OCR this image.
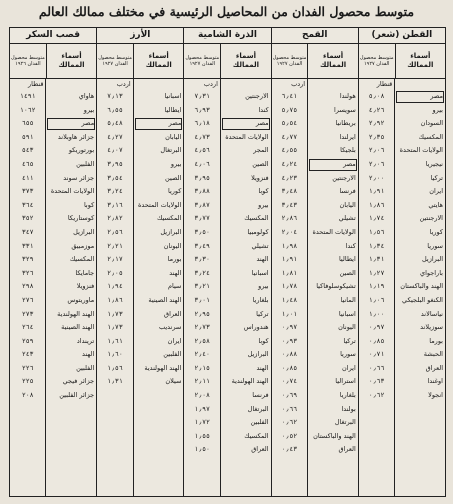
متوسط محصول الفدان من المحاصيل الرئيسية في مختلف ممالك العالم
القطن (شعر)
أسماء الممالك
متوسط محصول الفدان ١٩٢٧
مصر
بيرو
السودان
المكسيك
الولايات المتحدة
نيجيريا
تركيا
ايران
هايتي
الارجنتين
كوريا
سوريا
البرازيل
باراجواي
الهند والباكستان
الكنغو البلجيكي
نياسالاند
سوزيلاند
بورما
الحبشة
العراق
اوغندا
انجولا
قنطار
٥٫٠٨
٤٫٢٦
٢٫٩٢
٢٫٣٥
٢٫٠٦
٢٫٠٦
٢٫٠٠
١٫٩١
١٫٨٦
١٫٧٤
١٫٥٦
١٫٣٤
١٫٣١
١٫٢٧
١٫١٩
١٫٠٦
١٫٠٠
٠٫٩٧
٠٫٨٥
٠٫٧١
٠٫٦٦
٠٫٦٣
٠٫٦٢
القمح
أسماء الممالك
متوسط محصول الفدان ١٩٢٧
هولندا
سويسرا
بريطانيا
ايرلندا
بلجيكا
مصر
الارجنتين
فرنسا
اليابان
تشيلي
الولايات المتحدة
كندا
ايطاليا
الصين
تشيكوسلوفاكيا
المانيا
اسبانيا
اليونان
تركيا
سوريا
ايران
استراليا
بلغاريا
بولندا
البرتغال
الهند والباكستان
العراق
اردب
٦٫٤١
٥٫٧٥
٥٫٥٤
٤٫٧٧
٤٫٥٥
٤٫٢٤
٤٫٢٣
٣٫٤٨
٣٫٤٣
٢٫٨٦
٢٫٠٤
١٫٩٨
١٫٩١
١٫٨١
١٫٧٨
١٫٤٨
١٫٠١
٠٫٩٧
٠٫٩٣
٠٫٨٨
٠٫٨٥
٠٫٧٤
٠٫٦٩
٠٫٦٦
٠٫٦٢
٠٫٥٢
٠٫٤٣
الذرة الشامية
أسماء الممالك
متوسط محصول الفدان ١٩٢٧
الارجنتين
كندا
مصر
الولايات المتحدة
المجر
الصين
فنزويلا
كوبا
بيرو
المكسيك
كولومبيا
تشيلي
الهند
اسبانيا
بيرو
بلغاريا
تركيا
هندوراس
كوبا
البرازيل
الهند
الهند الهولندية
فرنسا
البرتغال
الفلبين
المكسيك
العراق
اردب
٧٫٣١
٦٫٩٣
٦٫١٨
٤٫٧٣
٤٫٥٦
٤٫٠٦
٣٫٩٥
٣٫٨٨
٣٫٨٧
٣٫٧٧
٣٫٥٠
٣٫٤٩
٣٫٣٠
٣٫٢٤
٣٫٢١
٣٫٠١
٢٫٩٥
٢٫٧٣
٢٫٥٨
٢٫٤٠
٢٫١٥
٢٫١١
٢٫٠٨
١٫٩٧
١٫٧٢
١٫٥٥
١٫٥٠
الأرز
أسماء الممالك
متوسط محصول الفدان ١٩٢٧
اسبانيا
ايطاليا
مصر
اليابان
البرتغال
بيرو
الصين
كوريا
الولايات المتحدة
المكسيك
البرازيل
اليونان
بورما
الهند
سيام
الهند الصينية
العراق
سرنديب
ايران
الفلبين
الهند الهولندية
سيلان
اردب
٧٫١٣
٦٫٥٥
٥٫٤٨
٤٫٢٧
٤٫٠٧
٣٫٩٥
٣٫٥٤
٣٫٢٤
٣٫١٦
٢٫٨٢
٢٫٥٦
٢٫٢١
٢٫١٧
٢٫٠٥
١٫٩٤
١٫٨٦
١٫٧٣
١٫٧٣
١٫٦١
١٫٦٠
١٫٥٦
١٫٣١
قصب السكر
أسماء الممالك
متوسط محصول الفدان ١٩٢٦
هاواي
بيرو
مصر
جزائر هاوبلاند
بورتوريكو
الفلبين
جزائر سوند
الولايات المتحدة
كوبا
كوستاريكا
البرازيل
موزمبيق
المكسيك
جامايكا
فنزويلا
ماوريتوس
الهند الهولندية
الهند الصينية
ترينداد
الهند
الفلبين
جزائر فيجي
جزائر الفلبين
قنطار
١٤٩١
١٠٦٢
٦٥٥
٥٩١
٥٤٣
٤٦٥
٤١١
٣٧٣
٣٦٤
٣٥٢
٣٤٧
٣٣١
٣٢٩
٣٢٦
٢٩٨
٢٧٦
٢٧٣
٢٦٤
٢٥٩
٢٤٣
٢٢٦
٢٢٥
٢٠٨
